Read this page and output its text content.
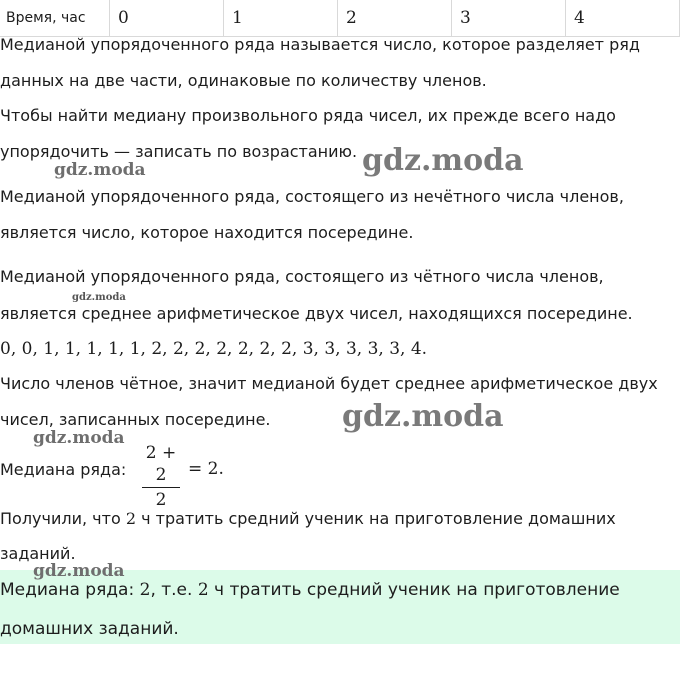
Время, час	0	1	2	3	4
Медианой упорядоченного ряда называется число, которое разделяет ряд
данных на две части, одинаковые по количеству членов.
Чтобы найти медиану произвольного ряда чисел, их прежде всего надо
упорядочить — записать по возрастанию.
Медианой упорядоченного ряда, состоящего из нечётного числа членов,
является число, которое находится посередине.
Медианой упорядоченного ряда, состоящего из чётного числа членов,
является среднее арифметическое двух чисел, находящихся посередине.
0, 0, 1, 1, 1, 1, 1, 2, 2, 2, 2, 2, 2, 2, 3, 3, 3, 3, 3, 4.
Число членов чётное, значит медианой будет среднее арифметическое двух
чисел, записанных посередине.
Медиана ряда:
2 + 2
2
= 2.
Получили, что 2 ч тратить средний ученик на приготовление домашних
заданий.
Медиана ряда: 2, т.е. 2 ч тратить средний ученик на приготовление
домашних заданий.
gdz.moda
gdz.moda
gdz.moda
gdz.moda
gdz.moda
gdz.moda
